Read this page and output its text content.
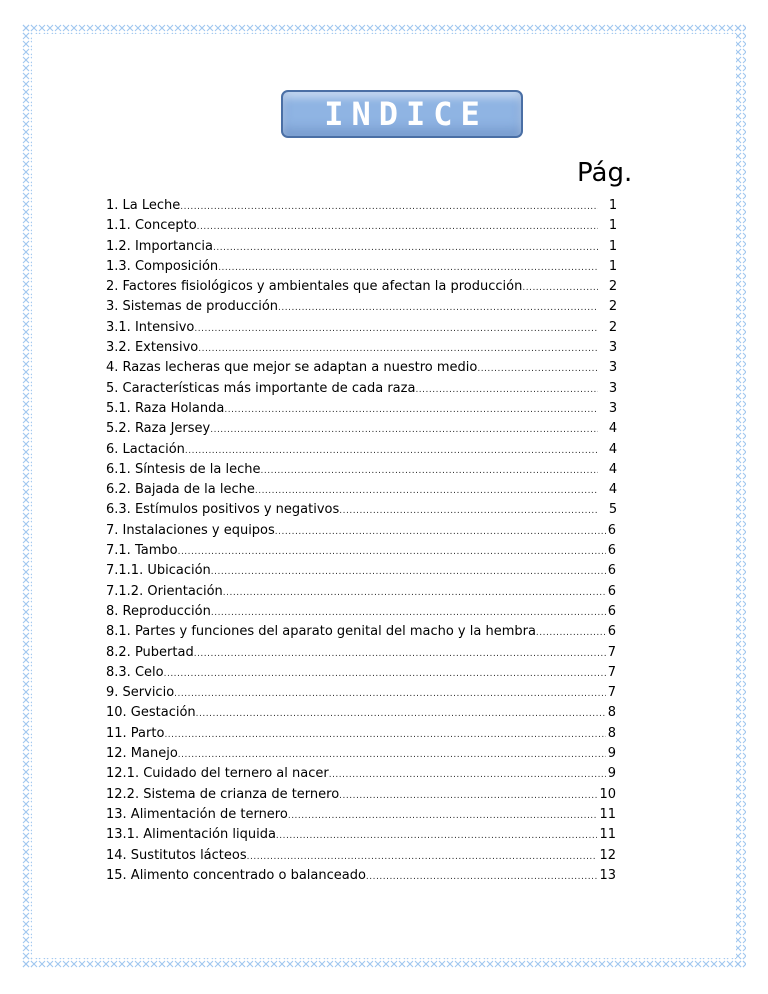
INDICE
Pág.
1. La Leche .....	1
1.1. Concepto .....	1
1.2. Importancia .....	1
1.3. Composición .....	1
2. Factores fisiológicos y ambientales que afectan la producción .....	2
3. Sistemas de producción .....	2
3.1. Intensivo .....	2
3.2. Extensivo .....	3
4. Razas lecheras que mejor se adaptan a nuestro medio .....	3
5. Características más importante de cada raza .....	3
5.1. Raza Holanda .....	3
5.2. Raza Jersey .....	4
6. Lactación .....	4
6.1. Síntesis de la leche .....	4
6.2. Bajada de la leche .....	4
6.3. Estímulos positivos y negativos .....	5
7. Instalaciones y equipos .....	6
7.1. Tambo .....	6
7.1.1. Ubicación .....	6
7.1.2. Orientación .....	6
8. Reproducción .....	6
8.1. Partes y funciones del aparato genital del macho y la hembra .....	6
8.2. Pubertad .....	7
8.3. Celo .....	7
9. Servicio .....	7
10. Gestación .....	8
11. Parto .....	8
12. Manejo .....	9
12.1. Cuidado del ternero al nacer .....	9
12.2. Sistema de crianza de ternero .....	10
13. Alimentación de ternero .....	11
13.1. Alimentación liquida .....	11
14. Sustitutos lácteos .....	12
15. Alimento concentrado o balanceado .....	13
